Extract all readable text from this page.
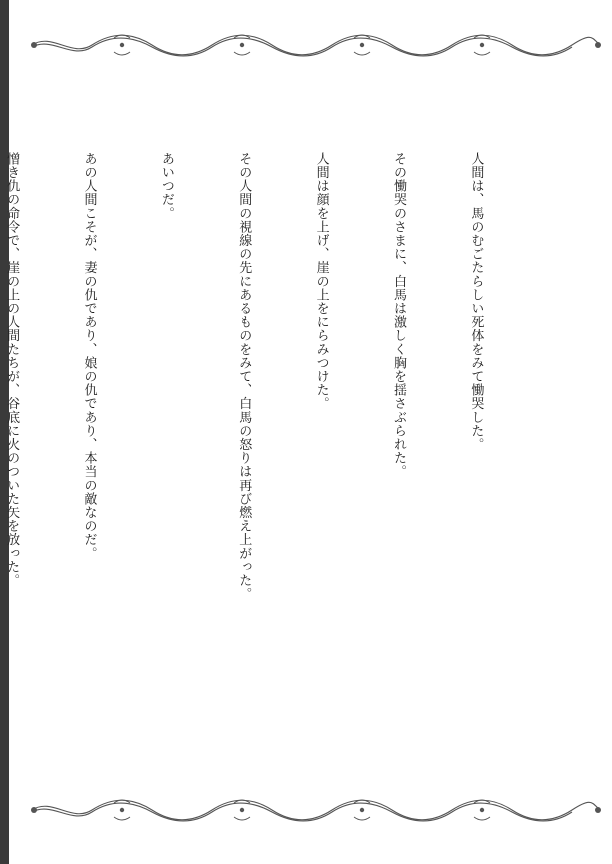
人間は、馬のむごたらしい死体をみて慟哭した。

その慟哭のさまに、白馬は激しく胸を揺さぶられた。

人間は顔を上げ、崖の上をにらみつけた。

その人間の視線の先にあるものをみて、白馬の怒りは再び燃え上がった。

あいつだ。

あの人間こそが、妻の仇であり、娘の仇であり、本当の敵なのだ。

憎き仇の命令で、崖の上の人間たちが、谷底に火のついた矢を放った。
